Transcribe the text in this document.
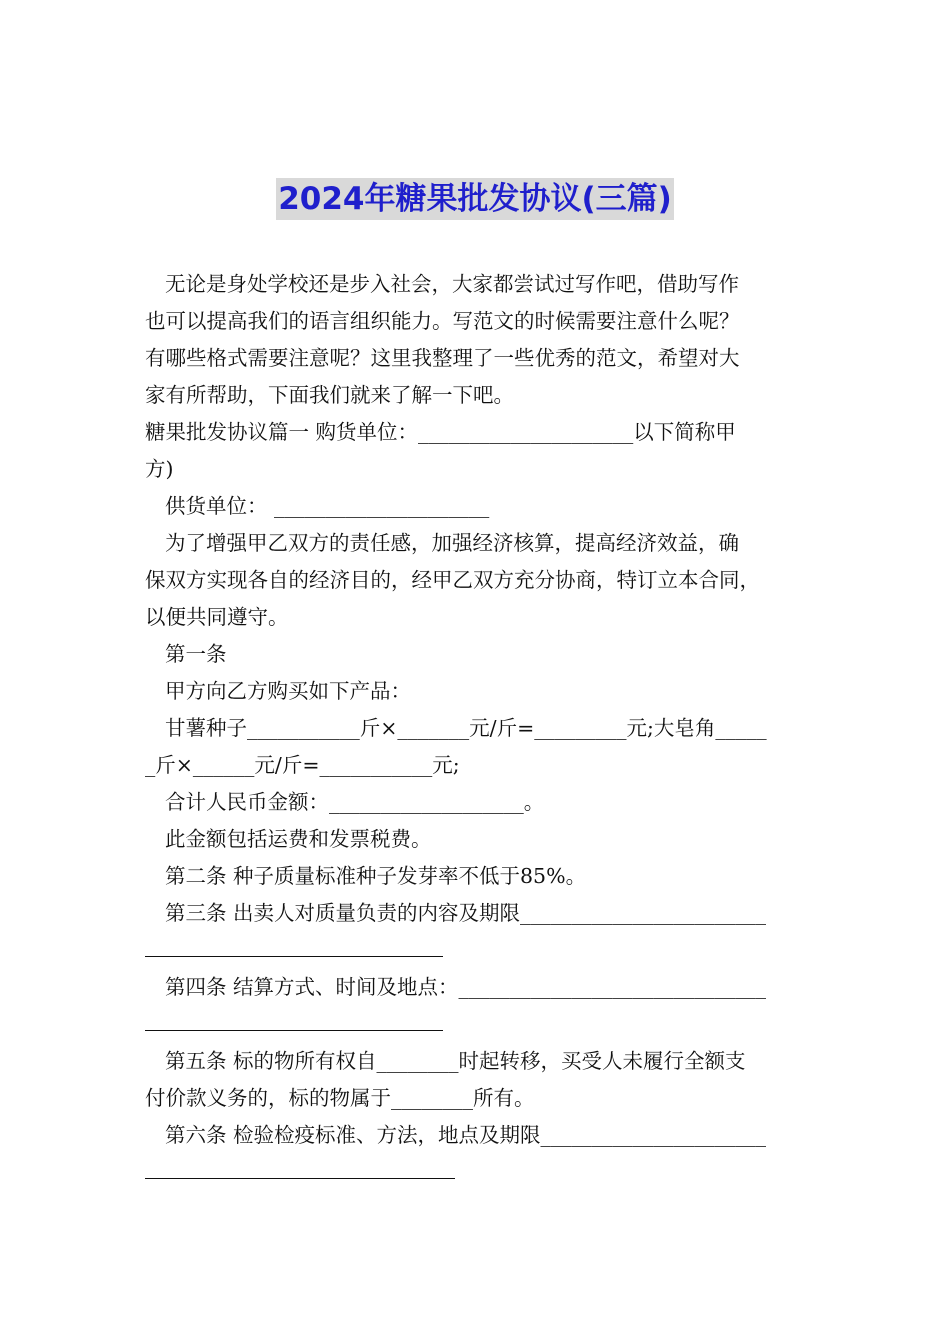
2024年糖果批发协议(三篇)
无论是身处学校还是步入社会，大家都尝试过写作吧，借助写作
也可以提高我们的语言组织能力。写范文的时候需要注意什么呢？
有哪些格式需要注意呢？这里我整理了一些优秀的范文，希望对大
家有所帮助，下面我们就来了解一下吧。
糖果批发协议篇一 购货单位：_____________________以下简称甲
方)
供货单位： _____________________
为了增强甲乙双方的责任感，加强经济核算，提高经济效益，确
保双方实现各自的经济目的，经甲乙双方充分协商，特订立本合同，
以便共同遵守。
第一条
甲方向乙方购买如下产品：
甘薯种子___________斤×_______元/斤=_________元;大皂角_____
_斤×______元/斤=___________元;
合计人民币金额：___________________。
此金额包括运费和发票税费。
第二条 种子质量标准种子发芽率不低于85%。
第三条 出卖人对质量负责的内容及期限________________________
第四条 结算方式、时间及地点：______________________________
第五条 标的物所有权自________时起转移，买受人未履行全额支
付价款义务的，标的物属于________所有。
第六条 检验检疫标准、方法，地点及期限______________________
